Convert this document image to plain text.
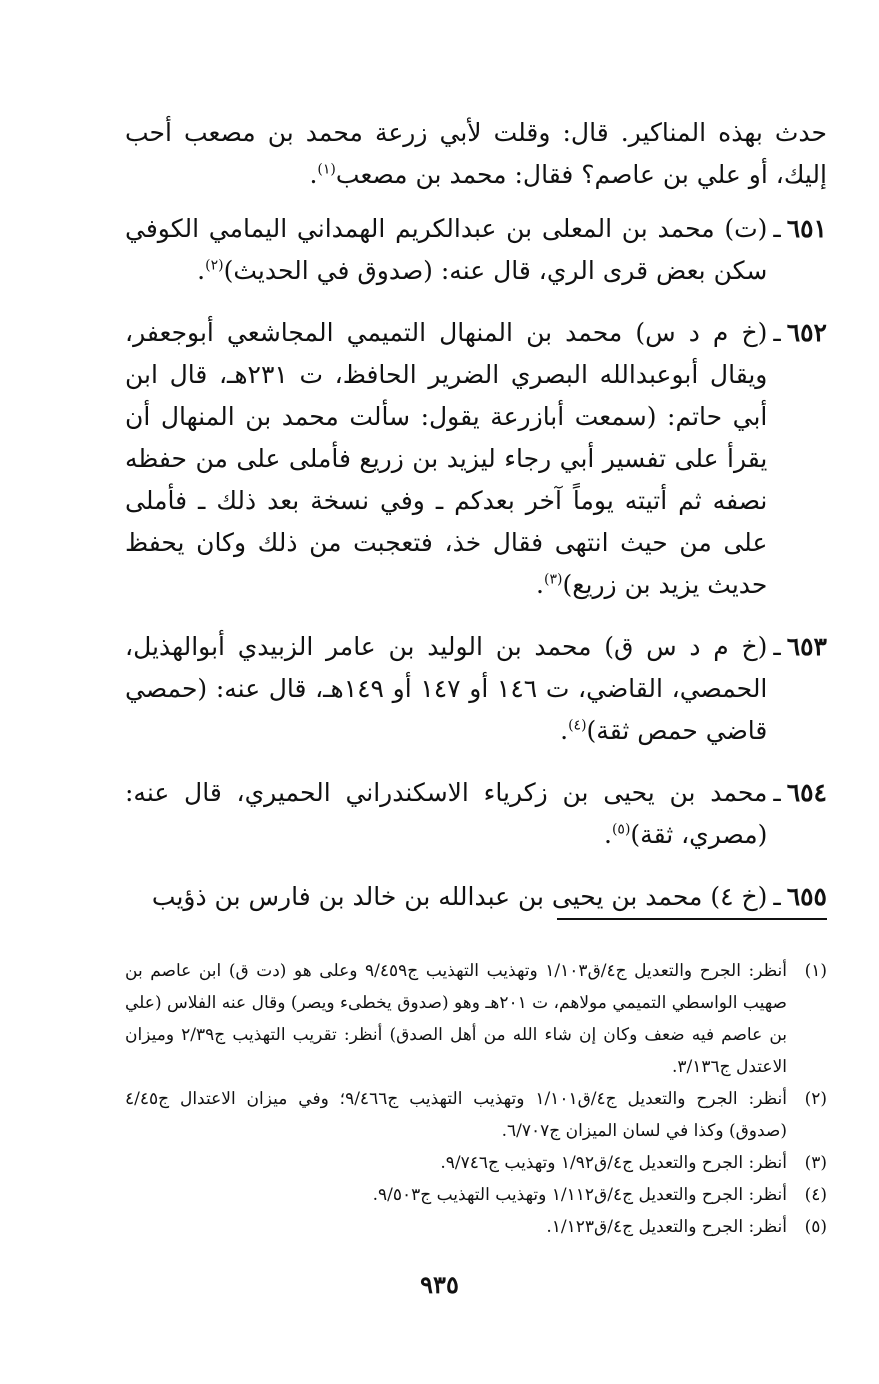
حدث بهذه المناكير. قال: وقلت لأبي زرعة محمد بن مصعب أحب إليك، أو علي بن عاصم؟ فقال: محمد بن مصعب$^{(١)}$.
٦٥١ـ
(ت) محمد بن المعلى بن عبدالكريم الهمداني اليمامي الكوفي سكن بعض قرى الري، قال عنه: (صدوق في الحديث)$^{(٢)}$.
٦٥٢ـ
(خ م د س) محمد بن المنهال التميمي المجاشعي أبوجعفر، ويقال أبوعبدالله البصري الضرير الحافظ، ت ٢٣١هـ، قال ابن أبي حاتم: (سمعت أبازرعة يقول: سألت محمد بن المنهال أن يقرأ على تفسير أبي رجاء ليزيد بن زريع فأملى على من حفظه نصفه ثم أتيته يوماً آخر بعدكم ـ وفي نسخة بعد ذلك ـ فأملى على من حيث انتهى فقال خذ، فتعجبت من ذلك وكان يحفظ حديث يزيد بن زريع)$^{(٣)}$.
٦٥٣ـ
(خ م د س ق) محمد بن الوليد بن عامر الزبيدي أبوالهذيل، الحمصي، القاضي، ت ١٤٦ أو ١٤٧ أو ١٤٩هـ، قال عنه: (حمصي قاضي حمص ثقة)$^{(٤)}$.
٦٥٤ـ
محمد بن يحيى بن زكرياء الاسكندراني الحميري، قال عنه: (مصري، ثقة)$^{(٥)}$.
٦٥٥ـ
(خ ٤) محمد بن يحيى بن عبدالله بن خالد بن فارس بن ذؤيب
(١)
أنظر: الجرح والتعديل ج٤/ق١/١٠٣ وتهذيب التهذيب ج٩/٤٥٩ وعلى هو (دت ق) ابن عاصم بن صهيب الواسطي التميمي مولاهم، ت ٢٠١هـ وهو (صدوق يخطىء ويصر) وقال عنه الفلاس (علي بن عاصم فيه ضعف وكان إن شاء الله من أهل الصدق) أنظر: تقريب التهذيب ج٢/٣٩ وميزان الاعتدل ج٣/١٣٦.
(٢)
أنظر: الجرح والتعديل ج٤/ق١/١٠١ وتهذيب التهذيب ج٩/٤٦٦؛ وفي ميزان الاعتدال ج٤/٤٥ (صدوق) وكذا في لسان الميزان ج٦/٧٠٧.
(٣)
أنظر: الجرح والتعديل ج٤/ق١/٩٢ وتهذيب ج٩/٧٤٦.
(٤)
أنظر: الجرح والتعديل ج٤/ق١/١١٢ وتهذيب التهذيب ج٩/٥٠٣.
(٥)
أنظر: الجرح والتعديل ج٤/ق١/١٢٣.
٩٣٥
